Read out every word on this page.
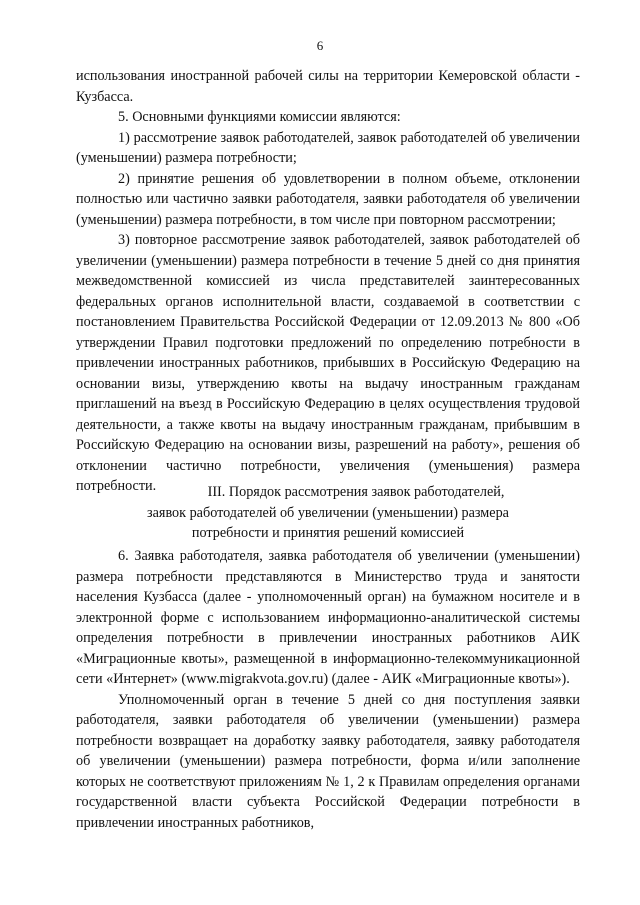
6

использования иностранной рабочей силы на территории Кемеровской области - Кузбасса.

5. Основными функциями комиссии являются:

1) рассмотрение заявок работодателей, заявок работодателей об увеличении (уменьшении) размера потребности;

2) принятие решения об удовлетворении в полном объеме, отклонении полностью или частично заявки работодателя, заявки работодателя об увеличении (уменьшении) размера потребности, в том числе при повторном рассмотрении;

3) повторное рассмотрение заявок работодателей, заявок работодателей об увеличении (уменьшении) размера потребности в течение 5 дней со дня принятия межведомственной комиссией из числа представителей заинтересованных федеральных органов исполнительной власти, создаваемой в соответствии с постановлением Правительства Российской Федерации от 12.09.2013 № 800 «Об утверждении Правил подготовки предложений по определению потребности в привлечении иностранных работников, прибывших в Российскую Федерацию на основании визы, утверждению квоты на выдачу иностранным гражданам приглашений на въезд в Российскую Федерацию в целях осуществления трудовой деятельности, а также квоты на выдачу иностранным гражданам, прибывшим в Российскую Федерацию на основании визы, разрешений на работу», решения об отклонении частично потребности, увеличения (уменьшения) размера потребности.	III. Порядок рассмотрения заявок работодателей,
заявок работодателей об увеличении (уменьшении) размера
потребности и принятия решений комиссией

6. Заявка работодателя, заявка работодателя об увеличении (уменьшении) размера потребности представляются в Министерство труда и занятости населения Кузбасса (далее - уполномоченный орган) на бумажном носителе и в электронной форме с использованием информационно-аналитической системы определения потребности в привлечении иностранных работников АИК «Миграционные квоты», размещенной в информационно-телекоммуникационной сети «Интернет» (www.migrakvota.gov.ru) (далее - АИК «Миграционные квоты»).

Уполномоченный орган в течение 5 дней со дня поступления заявки работодателя, заявки работодателя об увеличении (уменьшении) размера потребности возвращает на доработку заявку работодателя, заявку работодателя об увеличении (уменьшении) размера потребности, форма и/или заполнение которых не соответствуют приложениям № 1, 2 к Правилам определения органами государственной власти субъекта Российской Федерации потребности в привлечении иностранных работников,
